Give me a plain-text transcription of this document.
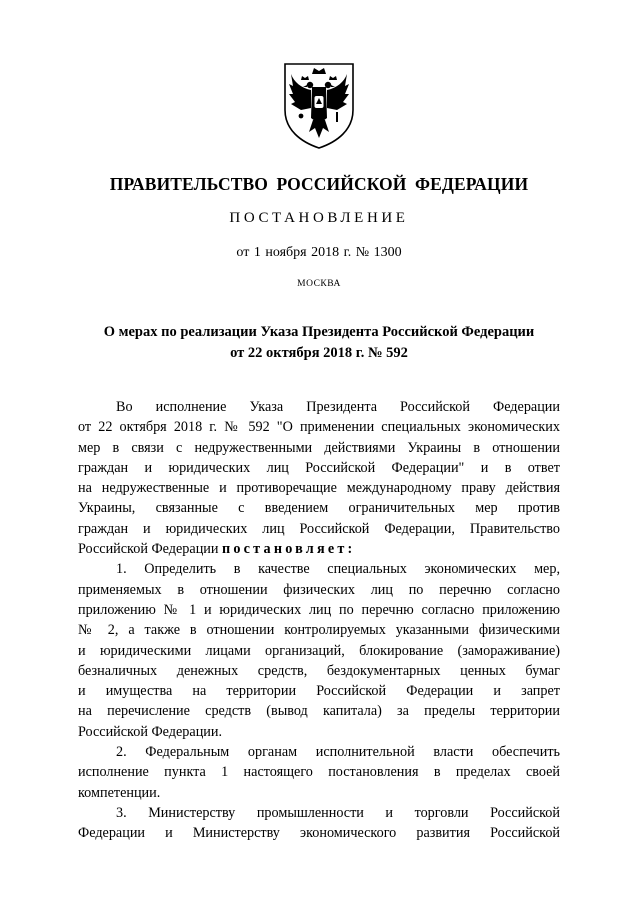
ПРАВИТЕЛЬСТВО РОССИЙСКОЙ ФЕДЕРАЦИИ
ПОСТАНОВЛЕНИЕ
от 1 ноября 2018 г. № 1300
МОСКВА
О мерах по реализации Указа Президента Российской Федерации
от 22 октября 2018 г. № 592
Во исполнение Указа Президента Российской Федерации
от 22 октября 2018 г. № 592 "О применении специальных экономических
мер в связи с недружественными действиями Украины в отношении
граждан и юридических лиц Российской Федерации" и в ответ
на недружественные и противоречащие международному праву действия
Украины, связанные с введением ограничительных мер против
граждан и юридических лиц Российской Федерации, Правительство
Российской Федерации постановляет:
1. Определить в качестве специальных экономических мер,
применяемых в отношении физических лиц по перечню согласно
приложению № 1 и юридических лиц по перечню согласно приложению
№ 2, а также в отношении контролируемых указанными физическими
и юридическими лицами организаций, блокирование (замораживание)
безналичных денежных средств, бездокументарных ценных бумаг
и имущества на территории Российской Федерации и запрет
на перечисление средств (вывод капитала) за пределы территории
Российской Федерации.
2. Федеральным органам исполнительной власти обеспечить
исполнение пункта 1 настоящего постановления в пределах своей
компетенции.
3. Министерству промышленности и торговли Российской
Федерации и Министерству экономического развития Российской
